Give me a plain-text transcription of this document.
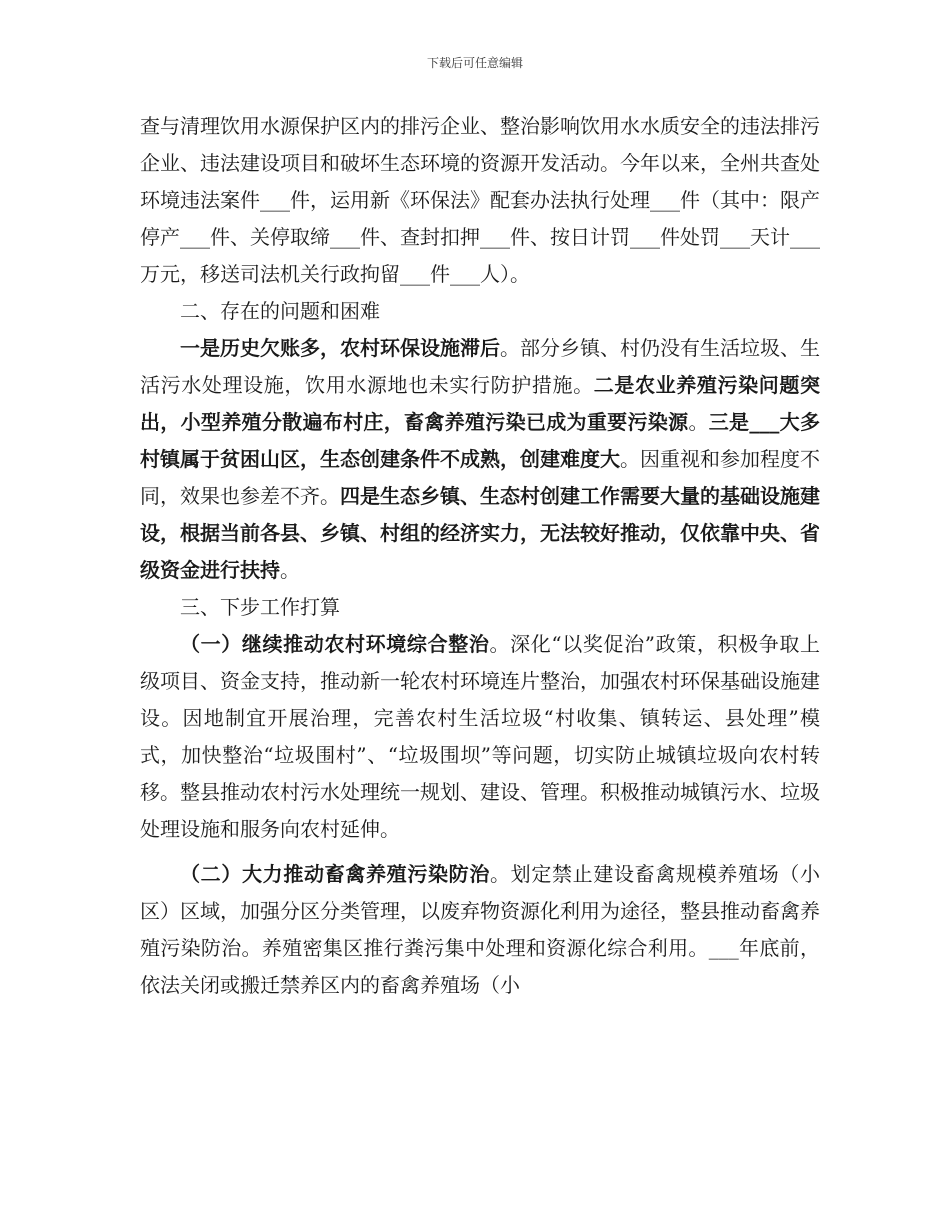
下载后可任意编辑

查与清理饮用水源保护区内的排污企业、整治影响饮用水水质安全的违法排污企业、违法建设项目和破坏生态环境的资源开发活动。今年以来，全州共查处环境违法案件___件，运用新《环保法》配套办法执行处理___件（其中：限产停产___件、关停取缔___件、查封扣押___件、按日计罚___件处罚___天计___万元，移送司法机关行政拘留___件___人）。

二、存在的问题和困难

一是历史欠账多，农村环保设施滞后。部分乡镇、村仍没有生活垃圾、生活污水处理设施，饮用水源地也未实行防护措施。二是农业养殖污染问题突出，小型养殖分散遍布村庄，畜禽养殖污染已成为重要污染源。三是___大多村镇属于贫困山区，生态创建条件不成熟，创建难度大。因重视和参加程度不同，效果也参差不齐。四是生态乡镇、生态村创建工作需要大量的基础设施建设，根据当前各县、乡镇、村组的经济实力，无法较好推动，仅依靠中央、省级资金进行扶持。

三、下步工作打算

（一）继续推动农村环境综合整治。深化“以奖促治”政策，积极争取上级项目、资金支持，推动新一轮农村环境连片整治，加强农村环保基础设施建设。因地制宜开展治理，完善农村生活垃圾“村收集、镇转运、县处理”模式，加快整治“垃圾围村”、“垃圾围坝”等问题，切实防止城镇垃圾向农村转移。整县推动农村污水处理统一规划、建设、管理。积极推动城镇污水、垃圾处理设施和服务向农村延伸。

（二）大力推动畜禽养殖污染防治。划定禁止建设畜禽规模养殖场（小区）区域，加强分区分类管理，以废弃物资源化利用为途径，整县推动畜禽养殖污染防治。养殖密集区推行粪污集中处理和资源化综合利用。___年底前，依法关闭或搬迁禁养区内的畜禽养殖场（小
